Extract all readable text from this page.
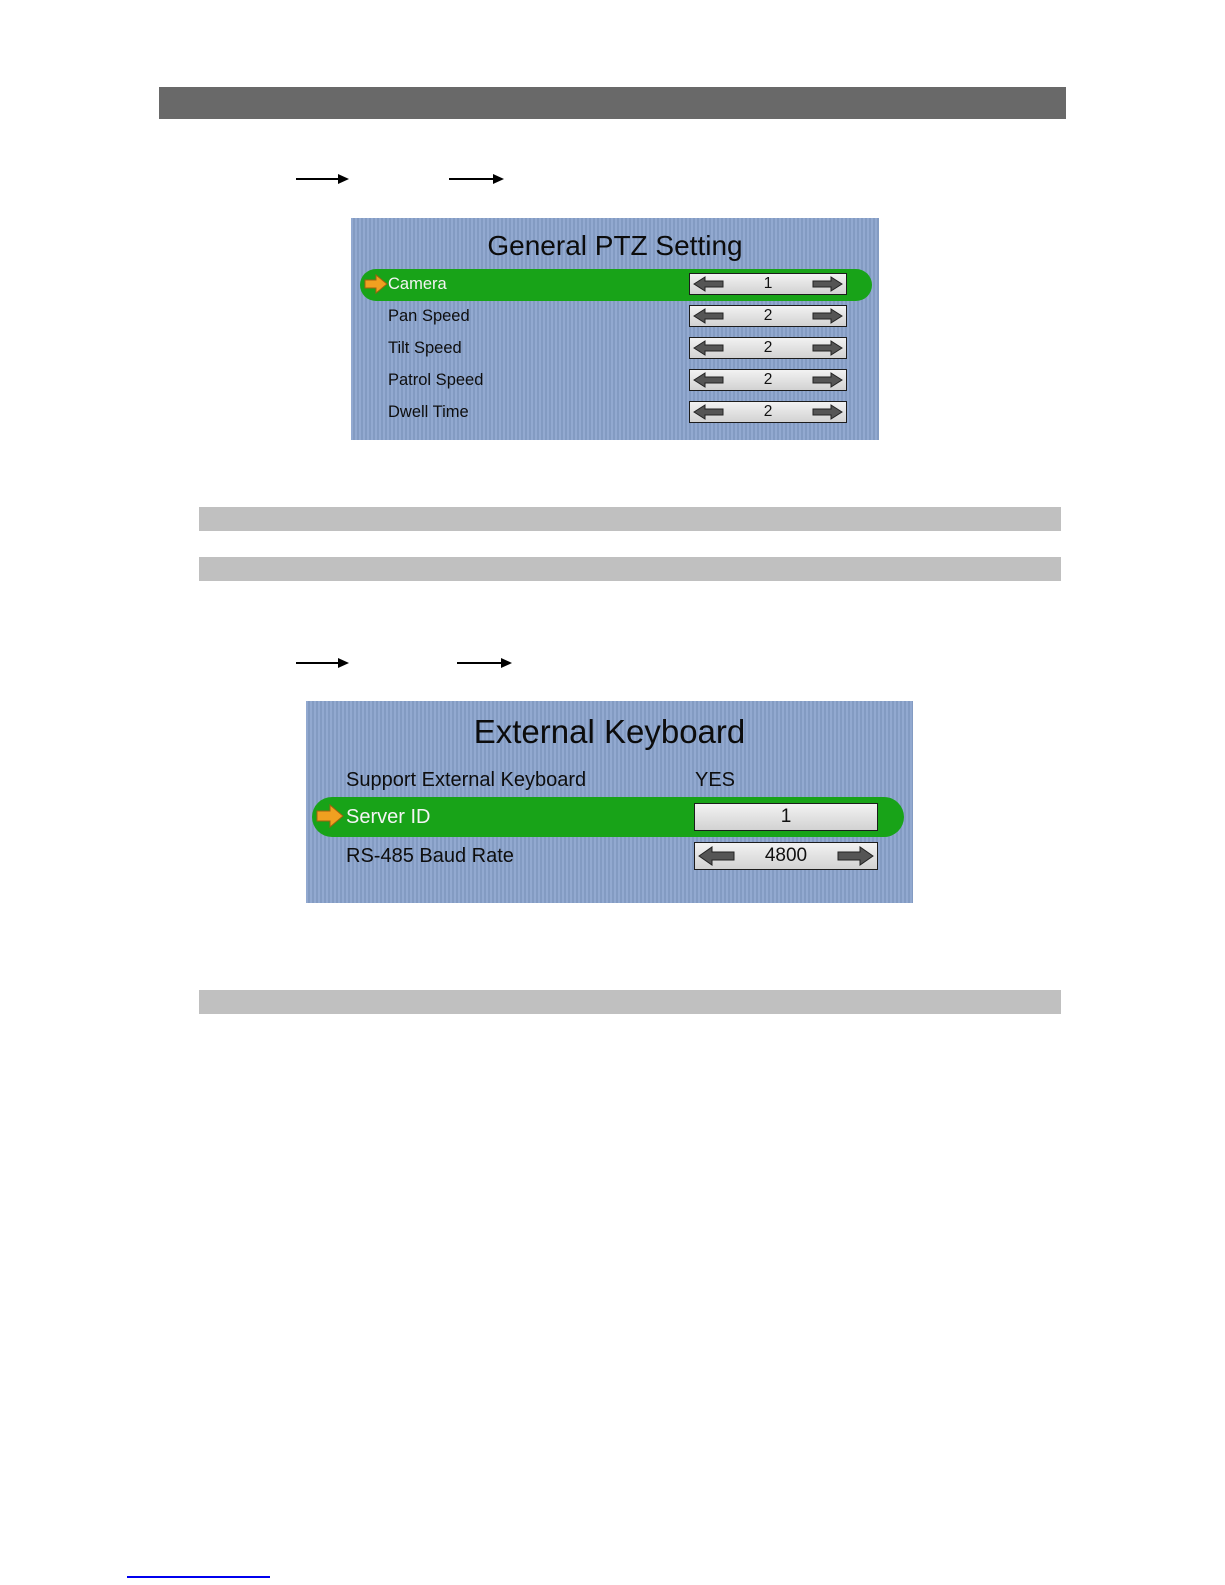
General PTZ Setting
Camera	1
Pan Speed	2
Tilt Speed	2
Patrol Speed	2
Dwell Time	2
External Keyboard
Support External Keyboard	YES
Server ID	1
RS-485 Baud Rate	4800
